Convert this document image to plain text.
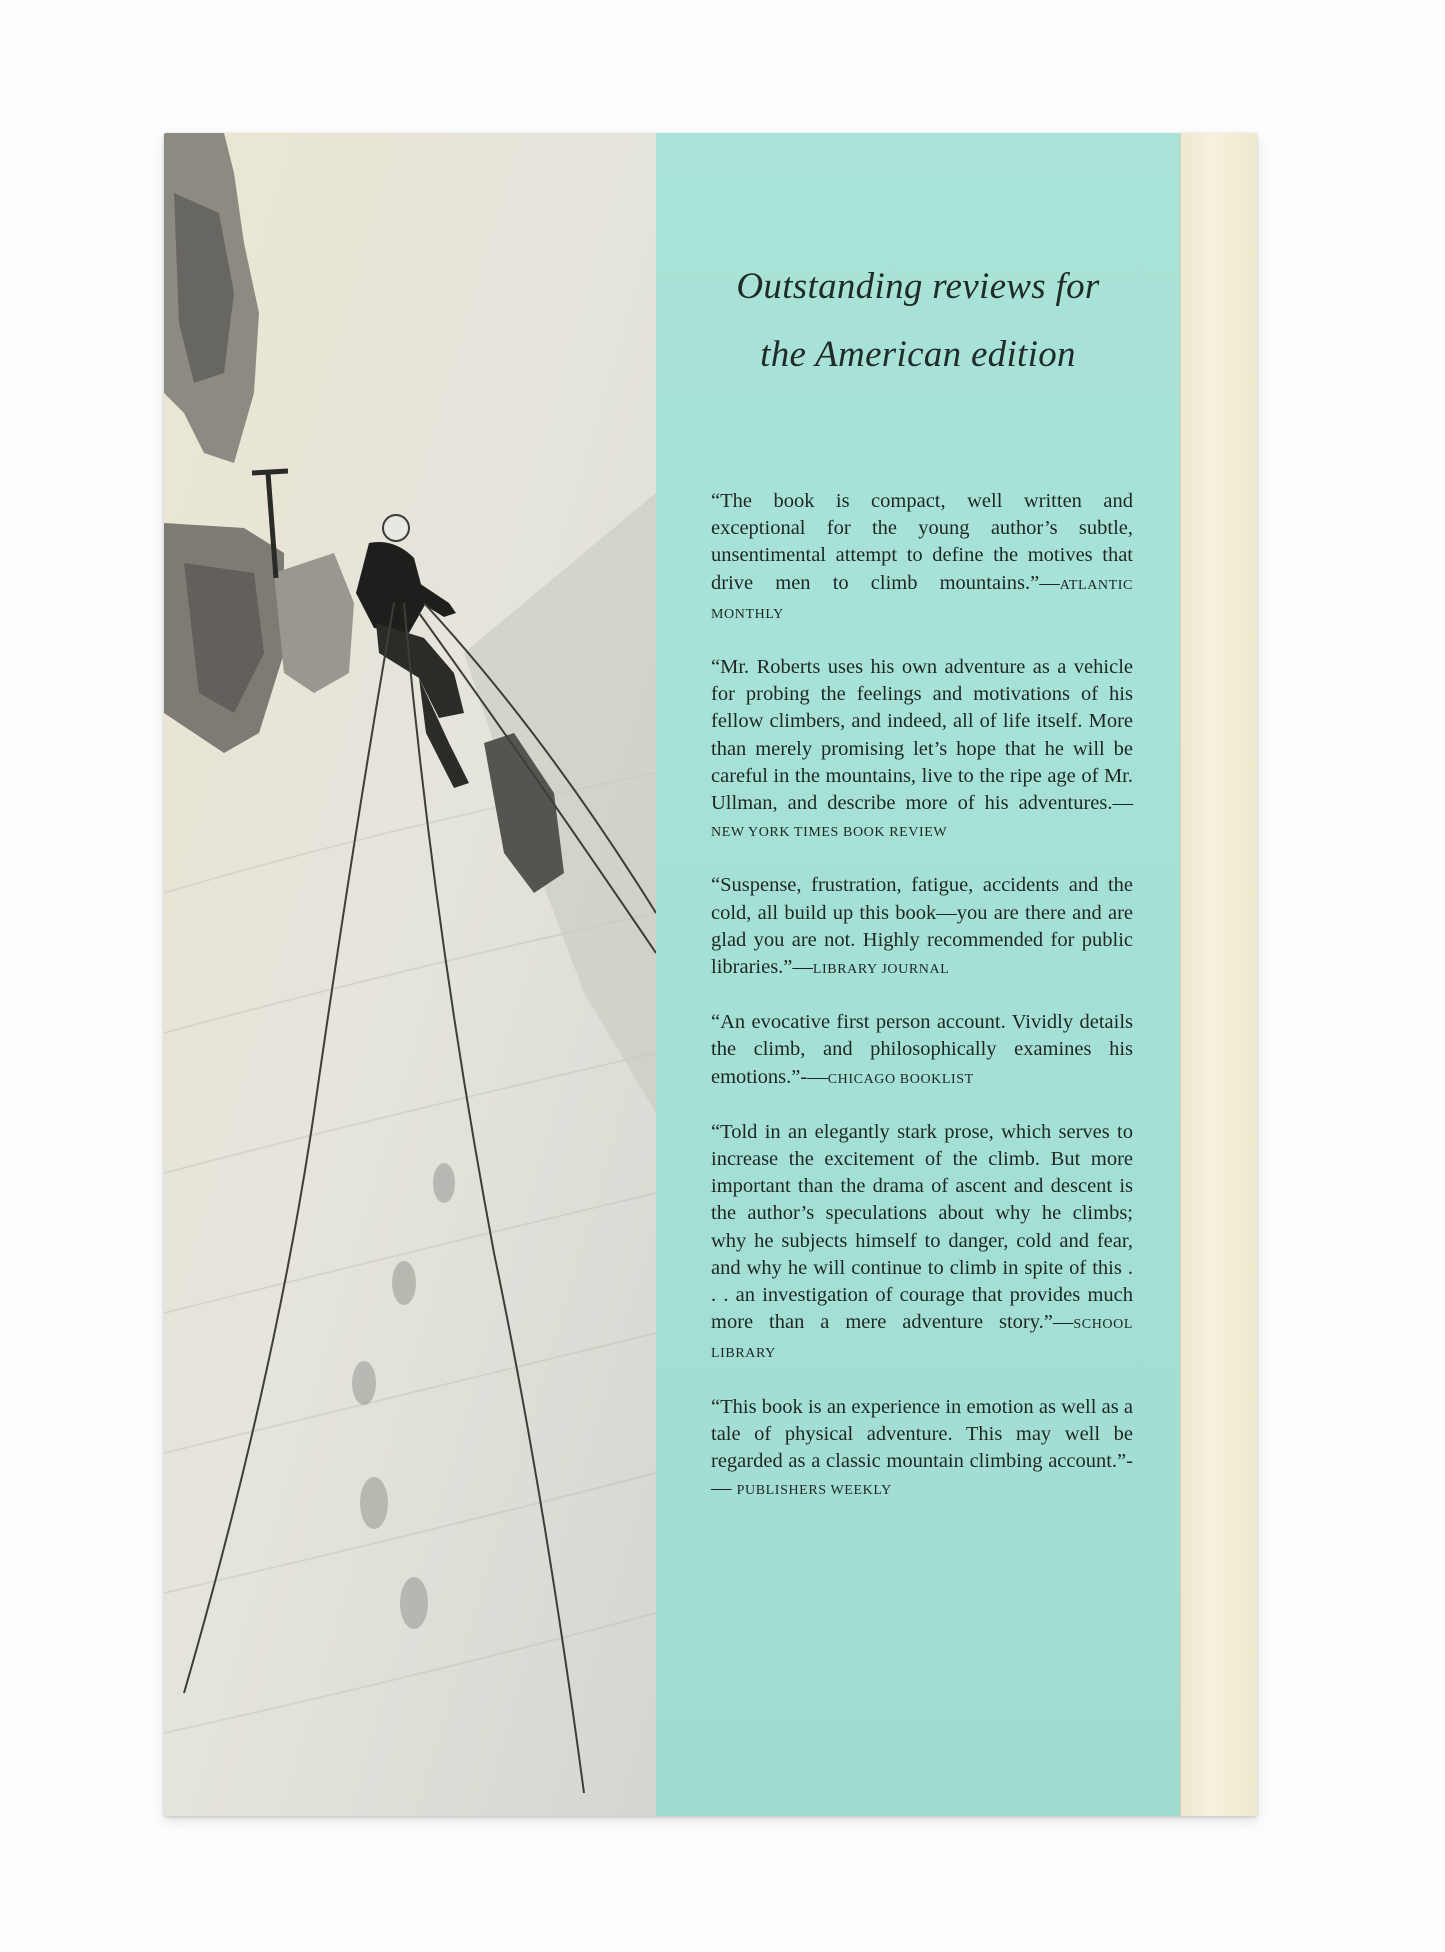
Outstanding reviews for
the American edition

“The book is compact, well written and exceptional for the young author’s subtle, unsentimental attempt to define the motives that drive men to climb mountains.”—ATLANTIC MONTHLY

“Mr. Roberts uses his own adventure as a vehicle for probing the feelings and motivations of his fellow climbers, and indeed, all of life itself. More than merely promising let’s hope that he will be careful in the mountains, live to the ripe age of Mr. Ullman, and describe more of his adventures.—NEW YORK TIMES BOOK REVIEW

“Suspense, frustration, fatigue, accidents and the cold, all build up this book—you are there and are glad you are not. Highly recommended for public libraries.”—LIBRARY JOURNAL

“An evocative first person account. Vividly details the climb, and philosophically examines his emotions.”-—CHICAGO BOOKLIST

“Told in an elegantly stark prose, which serves to increase the excitement of the climb. But more important than the drama of ascent and descent is the author’s speculations about why he climbs; why he subjects himself to danger, cold and fear, and why he will continue to climb in spite of this . . . an investigation of courage that provides much more than a mere adventure story.”—SCHOOL LIBRARY

“This book is an experience in emotion as well as a tale of physical adventure. This may well be regarded as a classic mountain climbing account.”-— PUBLISHERS WEEKLY
